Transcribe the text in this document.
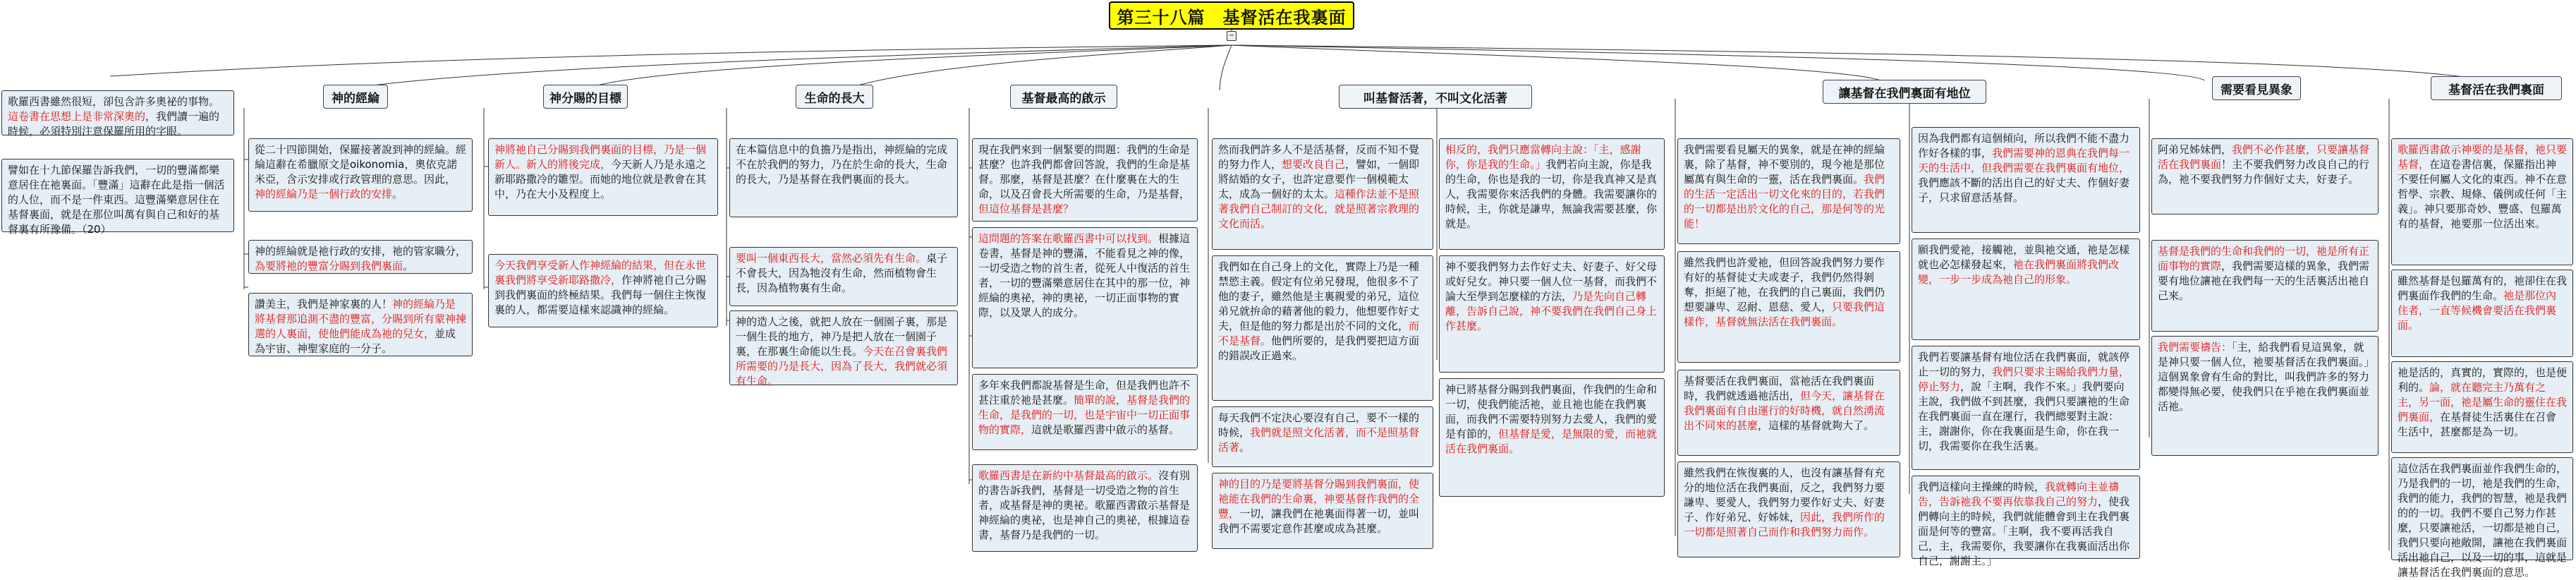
第三十八篇　基督活在我裏面
−
神的經綸	神分賜的目標	生命的長大	基督最高的啟示	叫基督活著，不叫文化活著	讓基督在我們裏面有地位	需要看見異象	基督活在我們裏面
歌羅西書雖然很短，卻包含許多奧祕的事物。這卷書在思想上是非常深奧的，我們讀一遍的時候，必須特別注意保羅所用的字眼。
譬如在十九節保羅告訴我們，一切的豐滿都樂意居住在祂裏面。「豐滿」這辭在此是指一個活的人位，而不是一件東西。這豐滿樂意居住在基督裏面，就是在那位叫萬有與自己和好的基督裏有所豫備。（20）
從二十四節開始，保羅接著說到神的經綸。經綸這辭在希臘原文是oikonomia，奧依克諾米亞，含示安排或行政管理的意思。因此，神的經綸乃是一個行政的安排。
神的經綸就是祂行政的安排，祂的管家職分，為要將祂的豐富分賜到我們裏面。
讚美主，我們是神家裏的人！神的經綸乃是將基督那追測不盡的豐富，分賜到所有蒙神揀選的人裏面，使他們能成為祂的兒女，並成為宇宙、神聖家庭的一分子。
神將祂自己分賜到我們裏面的目標，乃是一個新人。新人的將後完成，今天新人乃是永遠之新耶路撒冷的雛型。而她的地位就是教會在其中，乃在大小及程度上。
今天我們享受新人作神經綸的結果，但在永世裏我們將享受新耶路撒冷，作神將祂自己分賜到我們裏面的終極結果。我們每一個住主恢復裏的人，都需要這樣來認識神的經綸。
在本篇信息中的負擔乃是指出，神經綸的完成不在於我們的努力，乃在於生命的長大，生命的長大，乃是基督在我們裏面的長大。
要叫一個東西長大，當然必須先有生命。桌子不會長大，因為牠沒有生命，然而植物會生長，因為植物裏有生命。
神的造人之後，就把人放在一個園子裏，那是一個生長的地方，神乃是把人放在一個園子裏，在那裏生命能以生長。今天在召會裏我們所需要的乃是長大，因為了長大，我們就必須有生命。
現在我們來到一個緊要的問題：我們的生命是甚麼？也許我們都會回答說，我們的生命是基督。那麼，基督是甚麼？在什麼裏在大的生命，以及召會長大所需要的生命，乃是基督，但這位基督是甚麼？
這問題的答案在歌羅西書中可以找到。根據這卷書，基督是神的豐滿，不能看見之神的像，一切受造之物的首生者，從死人中復活的首生者，一切的豐滿樂意居住在其中的那一位，神經綸的奧祕，神的奧祕，一切正面事物的實際，以及眾人的成分。
多年來我們都說基督是生命，但是我們也許不甚注重於祂是甚麼。簡單的說，基督是我們的生命，是我們的一切，也是宇宙中一切正面事物的實際，這就是歌羅西書中啟示的基督。
歌羅西書是在新約中基督最高的啟示。沒有別的書告訴我們，基督是一切受造之物的首生者，或基督是神的奧祕。歌羅西書啟示基督是神經綸的奧祕，也是神自己的奧祕，根據這卷書，基督乃是我們的一切。
然而我們許多人不是活基督，反而不知不覺的努力作人，想要改良自己，譬如，一個即將結婚的女子，也許定意要作一個模範太太，成為一個好的太太。這種作法並不是照著我們自己制訂的文化，就是照著宗教理的文化而活。
我們如在自己身上的文化，實際上乃是一種禁慾主義。假定有位弟兄發現，他很多不了他的妻子，雖然他是主裏親愛的弟兄，這位弟兄就拚命的藉著他的毅力，他想要作好丈夫，但是他的努力都是出於不同的文化，而不是基督。他們所要的，是我們要把這方面的錯誤改正過來。
每天我們不定決心要沒有自己，要不一樣的時候，我們就是照文化活著，而不是照基督活著。
神的目的乃是要將基督分賜到我們裏面，使祂能在我們的生命裏，神要基督作我們的全豐，一切，讓我們在祂裏面得著一切，並叫我們不需要定意作甚麼或成為甚麼。
相反的，我們只應當轉向主說：「主，感謝你，你是我的生命。」我們若向主說，你是我的生命，你也是我的一切，你是我真神又是真人，我需要你來活我們的身體。我需要讓你的時候，主，你就是謙卑，無論我需要甚麼，你就是。
神不要我們努力去作好丈夫、好妻子、好父母或好兒女。神只要一個人位一基督，而我們不論大至學到怎麼樣的方法，乃是先向自己轉離，告訴自己說，神不要我們在我們自己身上作甚麼。
神已將基督分賜到我們裏面，作我們的生命和一切，使我們能活祂，並且祂也能在我們裏面，而我們不需要特別努力去愛人，我們的愛是有節的，但基督是愛，是無限的愛，而祂就活在我們裏面。
我們需要看見屬天的異象，就是在神的經綸裏，除了基督，神不要別的，現今祂是那位屬萬有與生命的一靈，活在我們裏面。我們的生活一定活出一切文化來的目的，若我們的一切都是出於文化的自己，那是何等的光能！
雖然我們也許愛祂，但回答說我們努力要作有好的基督徒丈夫或妻子，我們仍然得剝奪，拒絕了祂，在我們的自己裏面，我們仍想要謙卑、忍耐、恩慈、愛人，只要我們這樣作，基督就無法活在我們裏面。
基督要活在我們裏面，當祂活在我們裏面時，我們就透過祂活出，但今天，讓基督在我們裏面有自由運行的好時機，就自然湧流出不同來的甚麼，這樣的基督就夠大了。
雖然我們在恢復裏的人，也沒有讓基督有充分的地位活在我們裏面，反之，我們努力要謙卑、要愛人，我們努力要作好丈夫、好妻子、作好弟兄、好姊妹，因此，我們所作的一切都是照著自己而作和我們努力而作。
因為我們都有這個傾向，所以我們不能不盡力作好各樣的事，我們需要神的恩典在我們每一天的生活中，但我們需要在我們裏面有地位，我們應該不斷的活出自己的好丈夫、作個好妻子，只求留意活基督。
願我們愛祂，接觸祂，並與祂交通，祂是怎樣就也必怎樣發起來，祂在我們裏面將我們改變，一步一步成為祂自己的形象。
我們若要讓基督有地位活在我們裏面，就該停止一切的努力，我們只要求主賜給我們力量，停止努力，說「主啊，我作不來。」我們要向主說，我們做不到甚麼，我們只要讓祂的生命在我們裏面一直在運行，我們總要對主說：主，謝謝你，你在我裏面是生命，你在我一切，我需要你在我生活裏。
我們這樣向主操練的時候，我就轉向主並禱告，告訴祂我不要再依靠我自己的努力，使我們轉向主的時候，我們就能體會到主在我們裏面是何等的豐富。「主啊，我不要再活我自己，主，我需要你，我要讓你在我裏面活出你自己，謝謝主。」
阿弟兄姊妹們，我們不必作甚麼，只要讓基督活在我們裏面！主不要我們努力改良自己的行為，祂不要我們努力作個好丈夫，好妻子。
基督是我們的生命和我們的一切，祂是所有正面事物的實際，我們需要這樣的異象，我們需要有地位讓祂在我們每一天的生活裏活出祂自己來。
我們需要禱告：「主，給我們看見這異象，就是神只要一個人位，祂要基督活在我們裏面。」這個異象會有生命的對比，叫我們許多的努力都變得無必要，使我們只在乎祂在我們裏面並活祂。
歌羅西書啟示神要的是基督，祂只要基督，在這卷書信裏，保羅指出神不要任何屬人文化的東西。神不在意哲學、宗教、規條、儀例或任何「主義」。神只要那奇妙、豐盛、包羅萬有的基督，祂要那一位活出來。
雖然基督是包羅萬有的，祂卻住在我們裏面作我們的生命。祂是那位內住者，一直等候機會要活在我們裏面。
祂是活的，真實的，實際的，也是便利的。論，就在聽完主乃萬有之主，另一面，祂是屬生命的靈住在我們裏面，在基督徒生活裏住在召會生活中，甚麼都是為一切。
這位活在我們裏面並作我們生命的，乃是我們的一切，祂是我們的生命，我們的能力，我們的智慧，祂是我們的的一切。我們不要自己努力作甚麼，只要讓祂活，一切都是祂自己，我們只要向祂敞開，讓祂在我們裏面活出祂自己，以及一切的事，這就是讓基督活在我們裏面的意思。
